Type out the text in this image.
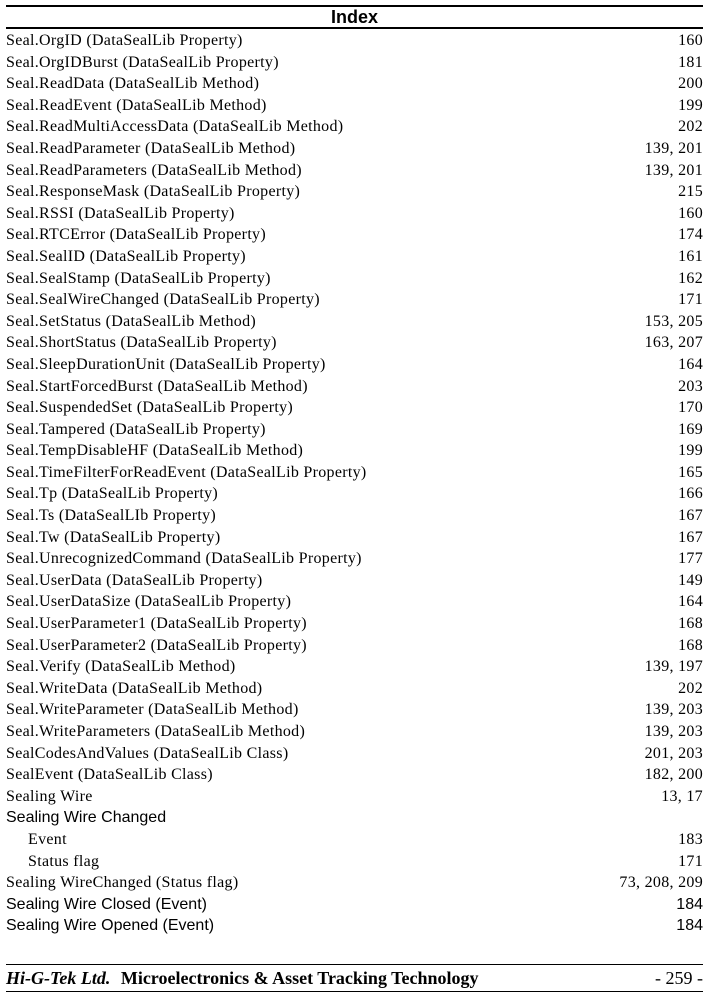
Index
Seal.OrgID (DataSealLib Property)	160
Seal.OrgIDBurst (DataSealLib Property)	181
Seal.ReadData (DataSealLib Method)	200
Seal.ReadEvent (DataSealLib Method)	199
Seal.ReadMultiAccessData (DataSealLib Method)	202
Seal.ReadParameter (DataSealLib Method)	139, 201
Seal.ReadParameters (DataSealLib Method)	139, 201
Seal.ResponseMask (DataSealLib Property)	215
Seal.RSSI (DataSealLib Property)	160
Seal.RTCError (DataSealLib Property)	174
Seal.SealID (DataSealLib Property)	161
Seal.SealStamp (DataSealLib Property)	162
Seal.SealWireChanged (DataSealLib Property)	171
Seal.SetStatus (DataSealLib Method)	153, 205
Seal.ShortStatus (DataSealLib Property)	163, 207
Seal.SleepDurationUnit (DataSealLib Property)	164
Seal.StartForcedBurst (DataSealLib Method)	203
Seal.SuspendedSet (DataSealLib Property)	170
Seal.Tampered (DataSealLib Property)	169
Seal.TempDisableHF (DataSealLib Method)	199
Seal.TimeFilterForReadEvent (DataSealLib Property)	165
Seal.Tp (DataSealLib Property)	166
Seal.Ts (DataSealLIb Property)	167
Seal.Tw (DataSealLib Property)	167
Seal.UnrecognizedCommand (DataSealLib Property)	177
Seal.UserData (DataSealLib Property)	149
Seal.UserDataSize (DataSealLib Property)	164
Seal.UserParameter1 (DataSealLib Property)	168
Seal.UserParameter2 (DataSealLib Property)	168
Seal.Verify (DataSealLib Method)	139, 197
Seal.WriteData (DataSealLib Method)	202
Seal.WriteParameter (DataSealLib Method)	139, 203
Seal.WriteParameters (DataSealLib Method)	139, 203
SealCodesAndValues (DataSealLib Class)	201, 203
SealEvent (DataSealLib Class)	182, 200
Sealing Wire	13, 17
Sealing Wire Changed
Event	183
Status flag	171
Sealing WireChanged (Status flag)	73, 208, 209
Sealing Wire Closed (Event)	184
Sealing Wire Opened (Event)	184
Hi-G-Tek Ltd. Microelectronics & Asset Tracking Technology	- 259 -
